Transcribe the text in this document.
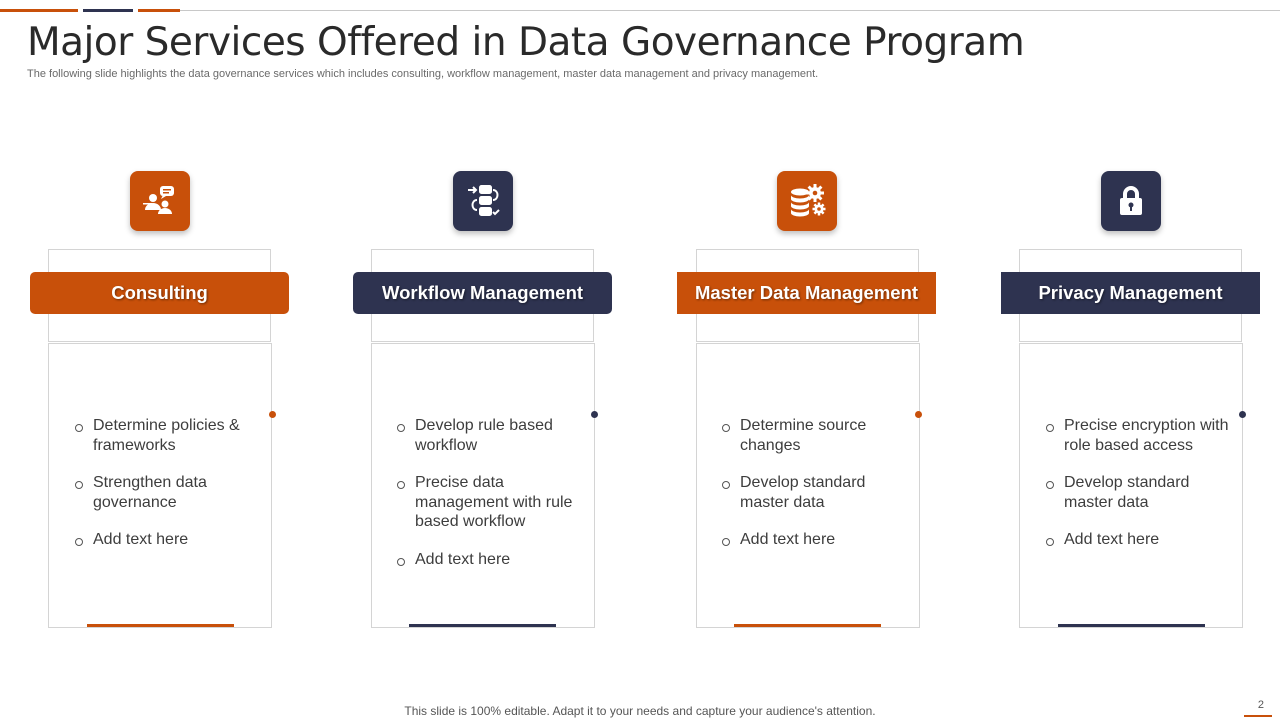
Major Services Offered in Data Governance Program
The following slide highlights the data governance services which includes consulting, workflow management, master data management and privacy management.
Consulting
Determine policies & frameworks
Strengthen data governance
Add text here
Workflow Management
Develop rule based workflow
Precise data management with rule based workflow
Add text here
Master Data Management
Determine source changes
Develop standard master data
Add text here
Privacy Management
Precise encryption with role based access
Develop standard master data
Add text here
This slide is 100% editable. Adapt it to your needs and capture your audience's attention.	2
